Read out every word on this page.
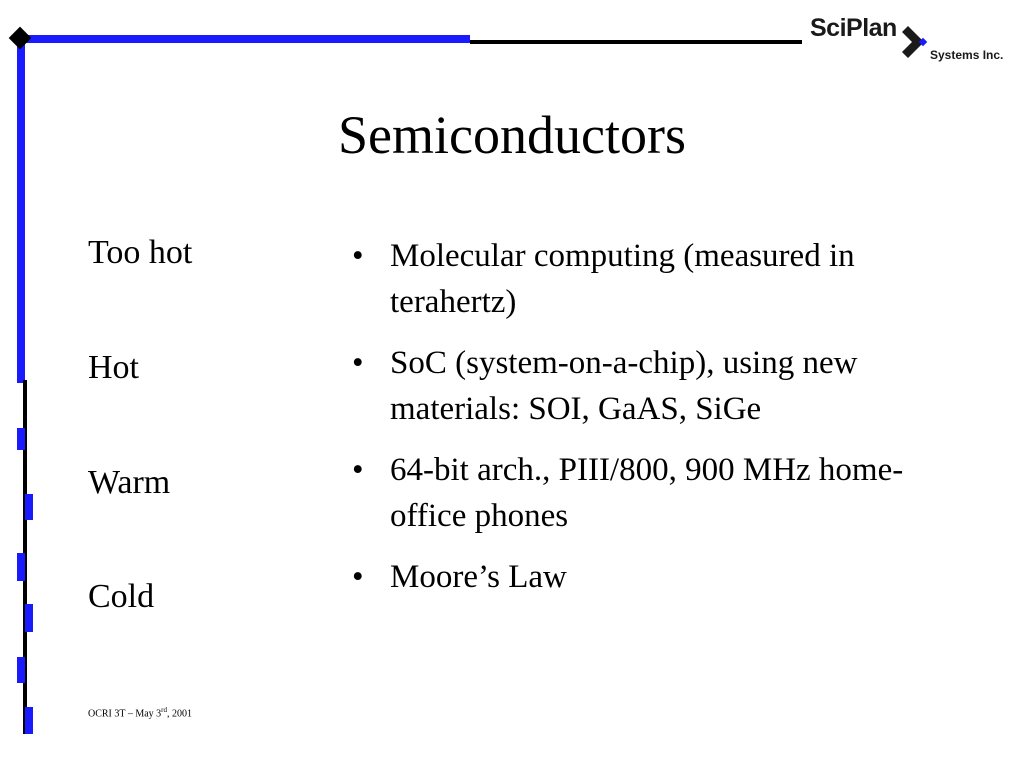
SciPlan
Systems Inc.
Semiconductors
Too hot
Hot
Warm
Cold
• Molecular computing (measured in terahertz)
• SoC (system-on-a-chip), using new materials: SOI, GaAS, SiGe
• 64-bit arch., PIII/800, 900 MHz home-office phones
• Moore’s Law
OCRI 3T – May 3rd, 2001
